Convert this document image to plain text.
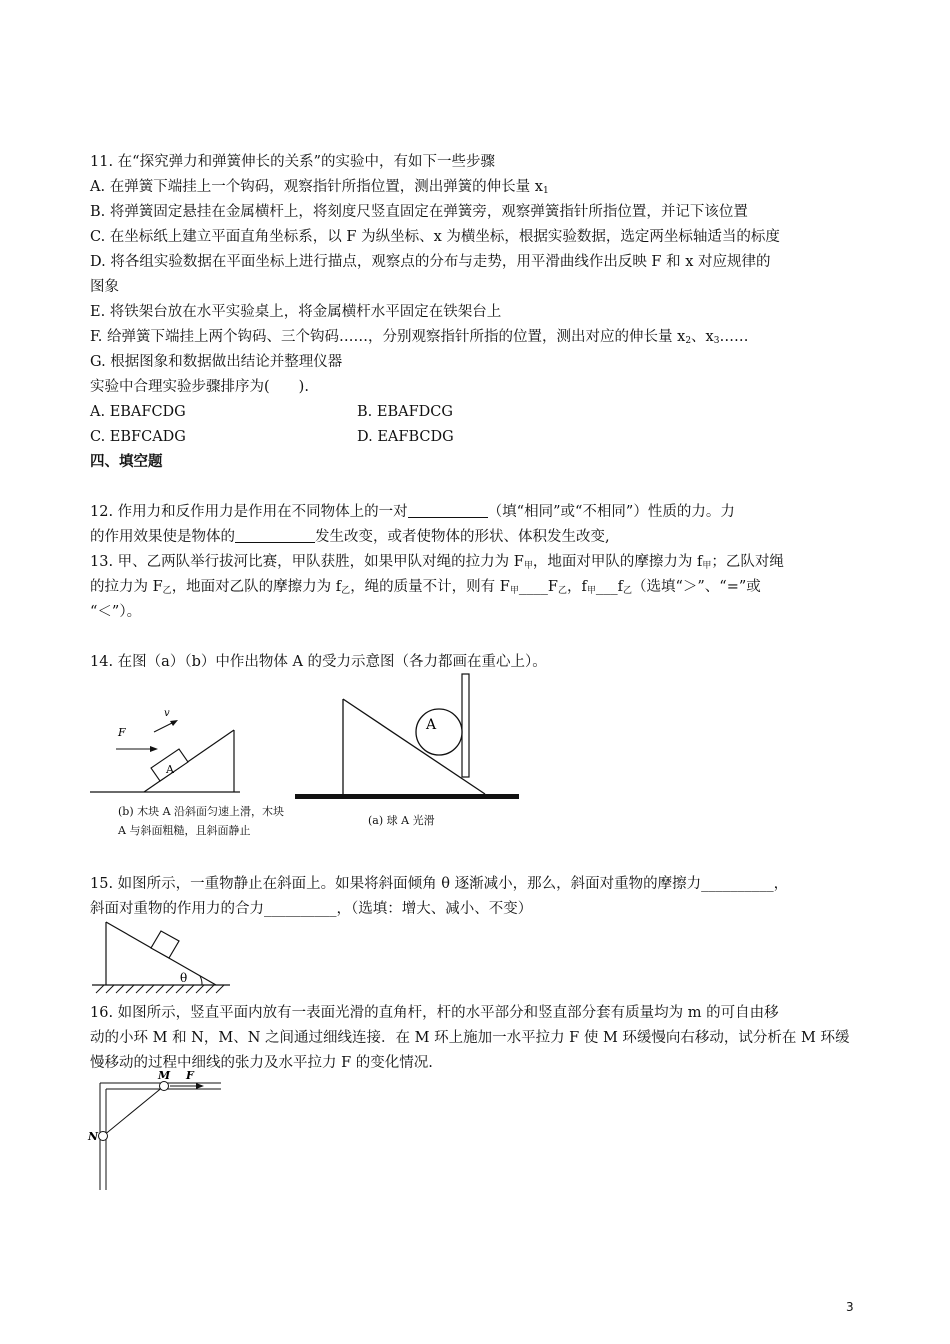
11. 在“探究弹力和弹簧伸长的关系”的实验中，有如下一些步骤
A. 在弹簧下端挂上一个钩码，观察指针所指位置，测出弹簧的伸长量 $x_1$
B. 将弹簧固定悬挂在金属横杆上，将刻度尺竖直固定在弹簧旁，观察弹簧指针所指位置，并记下该位置
C. 在坐标纸上建立平面直角坐标系，以 F 为纵坐标、x 为横坐标，根据实验数据，选定两坐标轴适当的标度
D. 将各组实验数据在平面坐标上进行描点，观察点的分布与走势，用平滑曲线作出反映 F 和 x 对应规律的
图象
E. 将铁架台放在水平实验桌上，将金属横杆水平固定在铁架台上
F. 给弹簧下端挂上两个钩码、三个钩码……，分别观察指针所指的位置，测出对应的伸长量 $x_2$、$x_3\dots\dots$
G. 根据图象和数据做出结论并整理仪器
实验中合理实验步骤排序为(　　).
A. EBAFCDG	B. EBAFDCG
C. EBFCADG	D. EAFBCDG
四、填空题
12. 作用力和反作用力是作用在不同物体上的一对	（填“相同”或“不相同”）性质的力。力
的作用效果使是物体的	发生改变，或者使物体的形状、体积发生改变,
13. 甲、乙两队举行拔河比赛，甲队获胜，如果甲队对绳的拉力为 $F_甲$，地面对甲队的摩擦力为 $f_甲$；乙队对绳
的拉力为 $F_乙$，地面对乙队的摩擦力为 $f_乙$，绳的质量不计，则有 $F_甲\_\_\_\_F_乙$，$f_甲\_\_\_f_乙$（选填“＞”、“=”或
“＜”）。
14. 在图（a）（b）中作出物体 A 的受力示意图（各力都画在重心上）。
A
F
v
(b) 木块 A 沿斜面匀速上滑，木块
A 与斜面粗糙，且斜面静止
A
(a) 球 A 光滑
15. 如图所示，一重物静止在斜面上。如果将斜面倾角 θ 逐渐减小，那么，斜面对重物的摩擦力__________，
斜面对重物的作用力的合力__________，（选填：增大、减小、不变）
θ
16. 如图所示，竖直平面内放有一表面光滑的直角杆，杆的水平部分和竖直部分套有质量均为 m 的可自由移
动的小环 M 和 N，M、N 之间通过细线连接．在 M 环上施加一水平拉力 F 使 M 环缓慢向右移动，试分析在 M 环缓
慢移动的过程中细线的张力及水平拉力 F 的变化情况.
M F
N
3
